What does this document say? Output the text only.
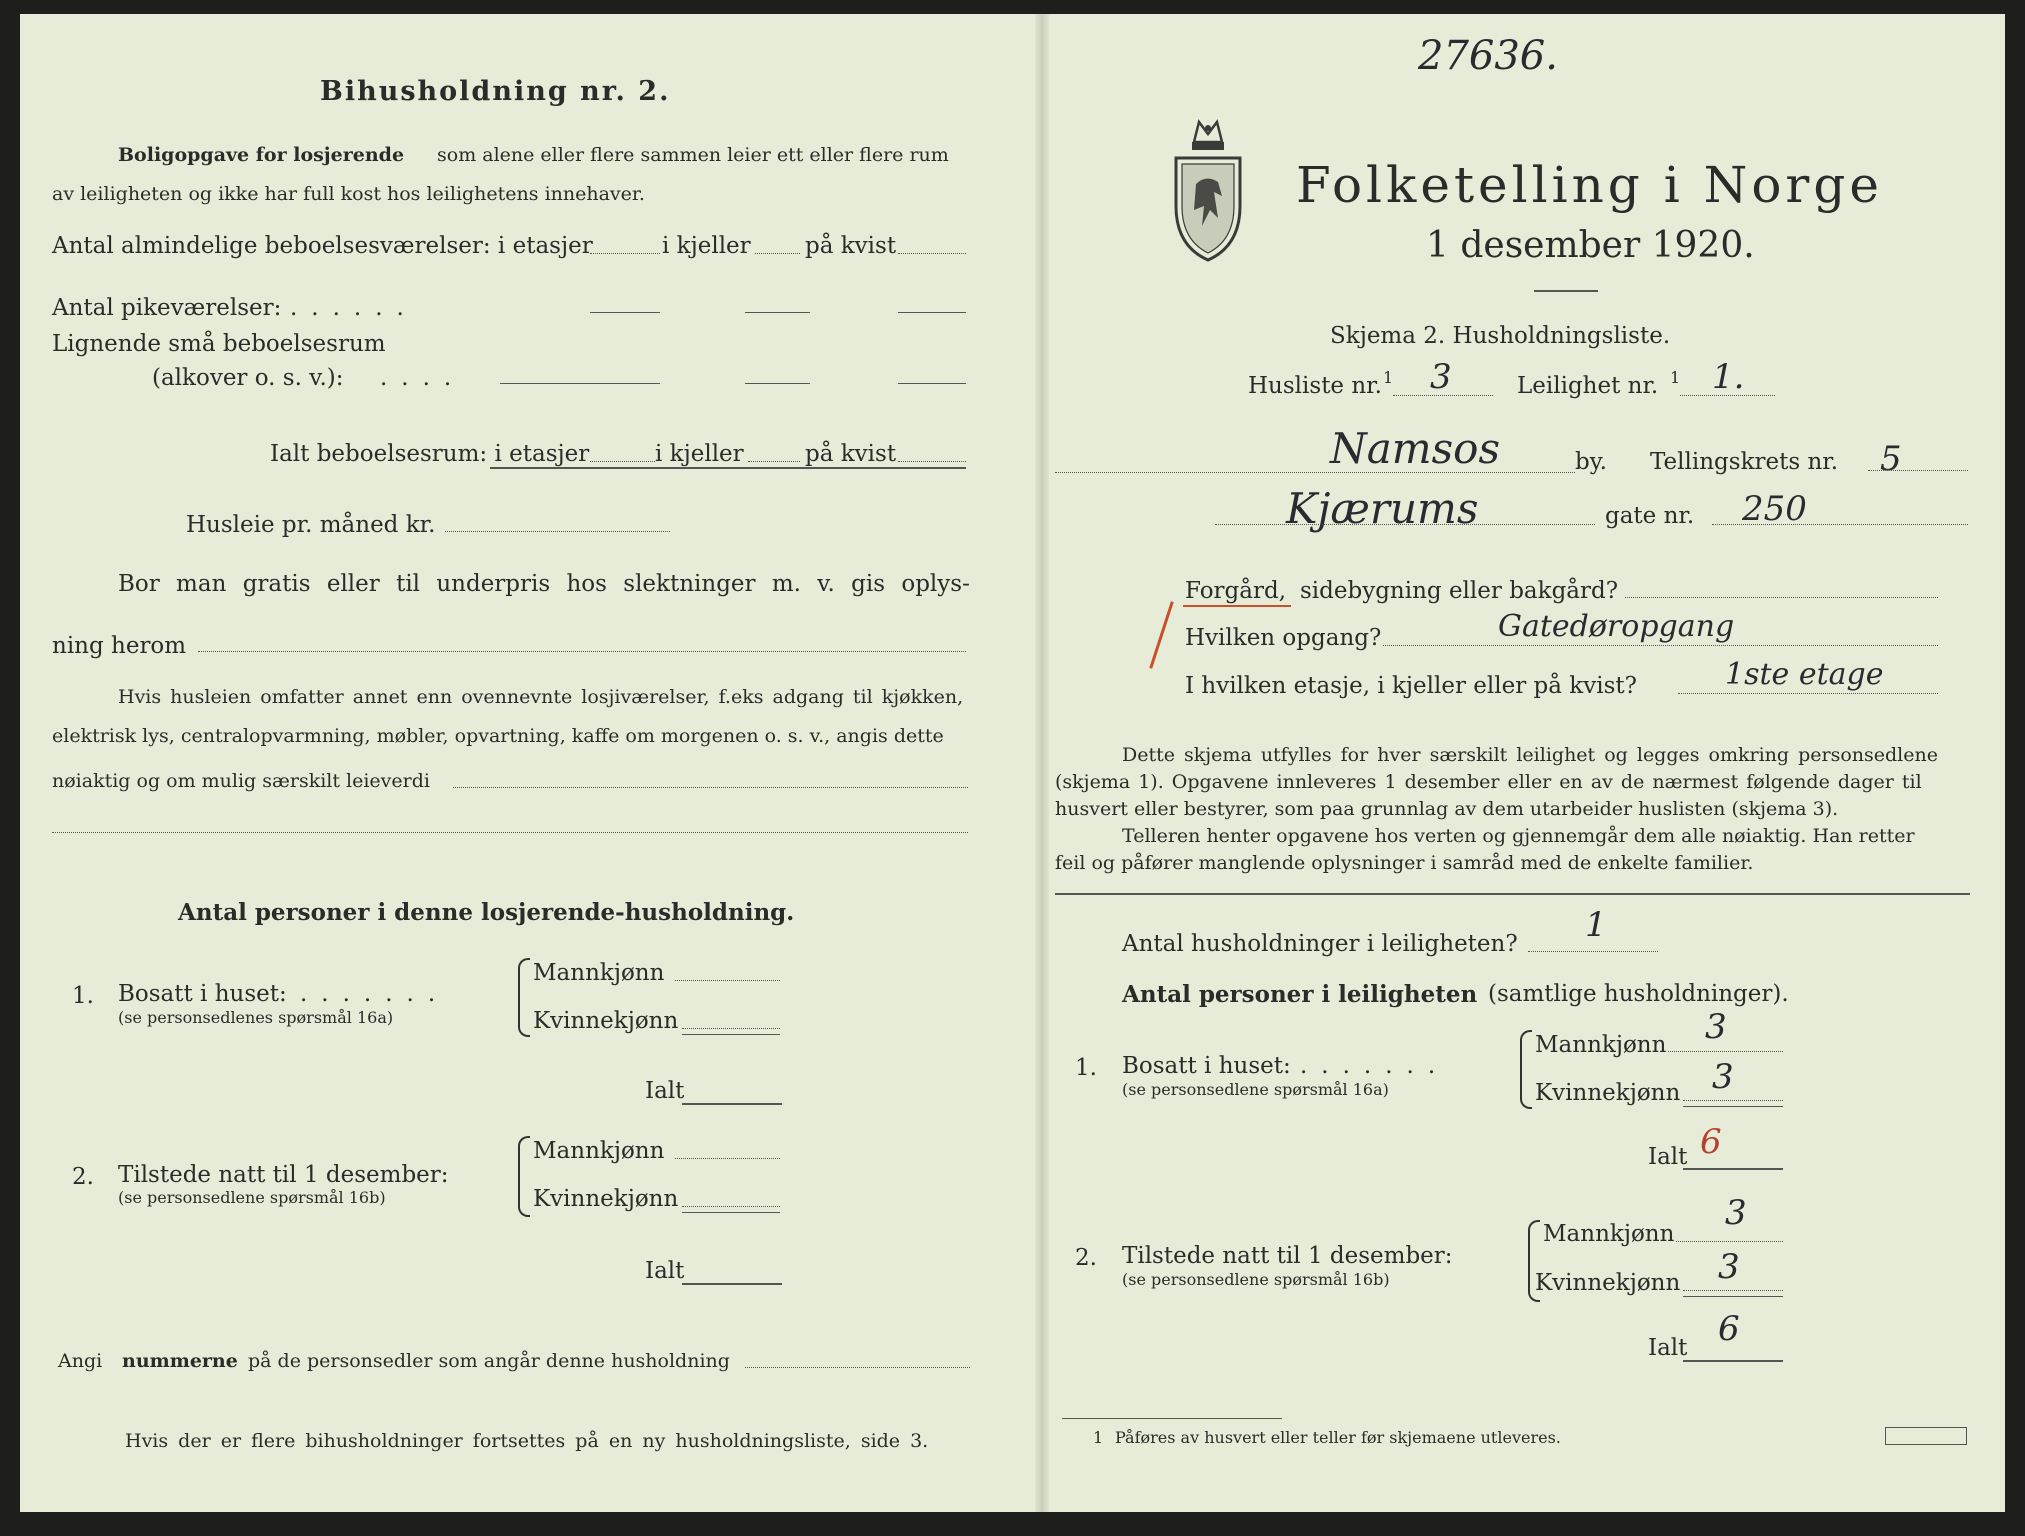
Bihusholdning nr. 2.
Boligopgave for losjerende som alene eller flere sammen leier ett eller flere rum
av leiligheten og ikke har full kost hos leilighetens innehaver.
Antal almindelige beboelsesværelser: i etasjer	i kjeller på kvist
Antal pikeværelser: ......
Lignende små beboelsesrum
(alkover o. s. v.): ....
Ialt beboelsesrum: i etasjer	i kjeller	på kvist
Husleie pr. måned kr.
Bor man gratis eller til underpris hos slektninger m. v. gis oplys-
ning herom
Hvis husleien omfatter annet enn ovennevnte losjiværelser, f.eks adgang til kjøkken,
elektrisk lys, centralopvarmning, møbler, opvartning, kaffe om morgenen o. s. v., angis dette
nøiaktig og om mulig særskilt leieverdi
Antal personer i denne losjerende-husholdning.
1. Bosatt i huset: .......
(se personsedlenes spørsmål 16a)
Mannkjønn
Kvinnekjønn
Ialt
2. Tilstede natt til 1 desember:
(se personsedlene spørsmål 16b)
Mannkjønn
Kvinnekjønn
Ialt
Angi nummerne på de personsedler som angår denne husholdning
Hvis der er flere bihusholdninger fortsettes på en ny husholdningsliste, side 3.
27636.
Folketelling i Norge
1 desember 1920.
Skjema 2. Husholdningsliste.
Husliste nr. 1 3	Leilighet nr. 1 1.
Namsos	by. Tellingskrets nr. 5
Kjærums	gate nr. 250
Forgård, sidebygning eller bakgård?
Hvilken opgang?	Gatedøropgang
I hvilken etasje, i kjeller eller på kvist?	1ste etage
Dette skjema utfylles for hver særskilt leilighet og legges omkring personsedlene
(skjema 1). Opgavene innleveres 1 desember eller en av de nærmest følgende dager til
husvert eller bestyrer, som paa grunnlag av dem utarbeider huslisten (skjema 3).
Telleren henter opgavene hos verten og gjennemgår dem alle nøiaktig. Han retter
feil og påfører manglende oplysninger i samråd med de enkelte familier.
Antal husholdninger i leiligheten? 1
Antal personer i leiligheten (samtlige husholdninger).
1. Bosatt i huset: .......
(se personsedlene spørsmål 16a)
Mannkjønn 3
Kvinnekjønn 3
Ialt 6
2. Tilstede natt til 1 desember:
(se personsedlene spørsmål 16b)
Mannkjønn
3
Kvinnekjønn 3
Ialt 6
1 Påføres av husvert eller teller før skjemaene utleveres.
